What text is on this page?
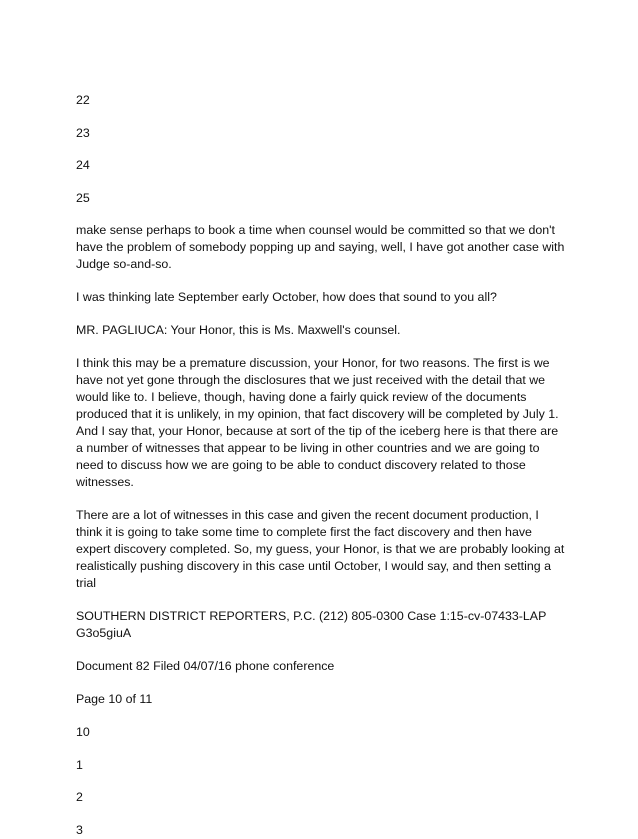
22
23
24
25
make sense perhaps to book a time when counsel would be committed so that we don't have the problem of somebody popping up and saying, well, I have got another case with Judge so-and-so.
I was thinking late September early October, how does that sound to you all?
MR. PAGLIUCA: Your Honor, this is Ms. Maxwell's counsel.
I think this may be a premature discussion, your Honor, for two reasons. The first is we have not yet gone through the disclosures that we just received with the detail that we would like to. I believe, though, having done a fairly quick review of the documents produced that it is unlikely, in my opinion, that fact discovery will be completed by July 1. And I say that, your Honor, because at sort of the tip of the iceberg here is that there are a number of witnesses that appear to be living in other countries and we are going to need to discuss how we are going to be able to conduct discovery related to those witnesses.
There are a lot of witnesses in this case and given the recent document production, I think it is going to take some time to complete first the fact discovery and then have expert discovery completed. So, my guess, your Honor, is that we are probably looking at realistically pushing discovery in this case until October, I would say, and then setting a trial
SOUTHERN DISTRICT REPORTERS, P.C. (212) 805-0300 Case 1:15-cv-07433-LAP G3o5giuA
Document 82 Filed 04/07/16 phone conference
Page 10 of 11
10
1
2
3
